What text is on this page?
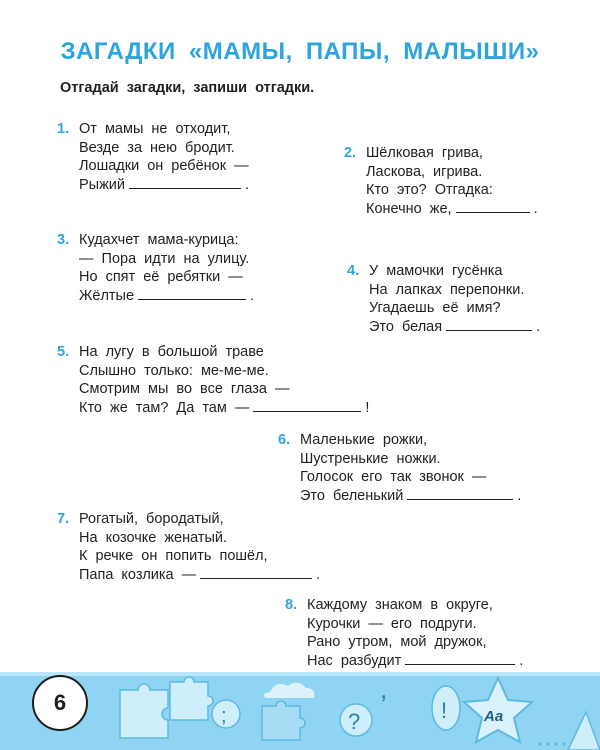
ЗАГАДКИ «МАМЫ, ПАПЫ, МАЛЫШИ»
Отгадай загадки, запиши отгадки.
1. От мамы не отходит,
Везде за нею бродит.
Лошадки он ребёнок —
Рыжий	.
2. Шёлковая грива,
Ласкова, игрива.
Кто это? Отгадка:
Конечно же,	.
3. Кудахчет мама-курица:
— Пора идти на улицу.
Но спят её ребятки —
Жёлтые	.
4. У мамочки гусёнка
На лапках перепонки.
Угадаешь её имя?
Это белая	.
5. На лугу в большой траве
Слышно только: ме-ме-ме.
Смотрим мы во все глаза —
Кто же там? Да там —	!
6. Маленькие рожки,
Шустренькие ножки.
Голосок его так звонок —
Это беленький	.
7. Рогатый, бородатый,
На козочке женатый.
К речке он попить пошёл,
Папа козлика —	.
8. Каждому знаком в округе,
Курочки — его подруги.
Рано утром, мой дружок,
Нас разбудит	.
;	?
,
! Aa
6
